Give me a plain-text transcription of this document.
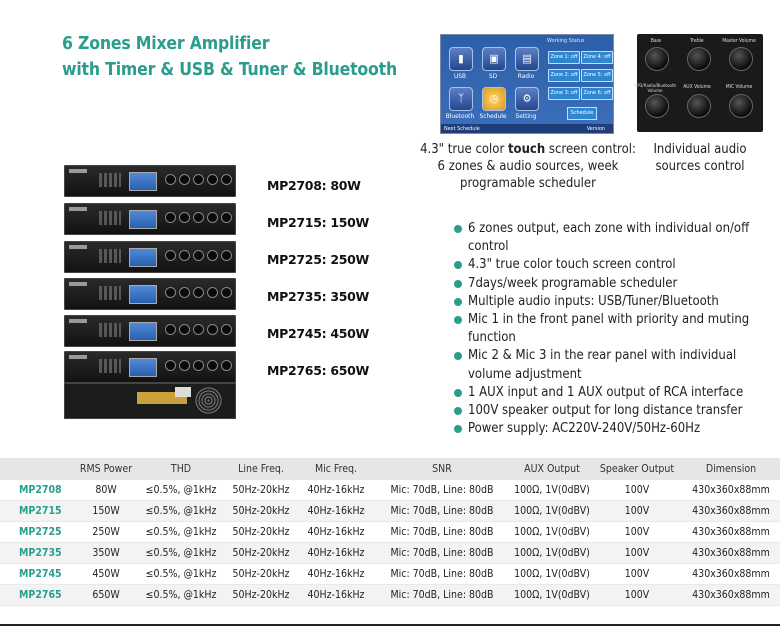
6 Zones Mixer Amplifier
with Timer & USB & Tuner & Bluetooth
Working Status
▮
USB
▣
SD
▤
Radio
ᛉ
Bluetooth
◷
Schedule
⚙
Setting
Zone 1: off	Zone 4: off
Zone 2: off	Zone 5: off
Zone 3: off	Zone 6: off
Schedule
Next Schedule	Version
Bass	Treble	Master Volume
MP3/Radio/Bluetooth Volume
AUX Volume	MIC Volume
4.3" true color touch screen control: 6 zones & audio sources, week programable scheduler
Individual audio sources control
MP2708: 80W
MP2715: 150W
MP2725: 250W
MP2735: 350W
MP2745: 450W
MP2765: 650W
6 zones output, each zone with individual on/off control
4.3" true color touch screen control
7days/week programable scheduler
Multiple audio inputs: USB/Tuner/Bluetooth
Mic 1 in the front panel with priority and muting function
Mic 2 & Mic 3 in the rear panel with individual volume adjustment
1 AUX input and 1 AUX output of RCA interface
100V speaker output for long distance transfer
Power supply: AC220V-240V/50Hz-60Hz
	RMS Power	THD	Line Freq.	Mic Freq.	SNR	AUX Output	Speaker Output	Dimension
MP2708	80W	≤0.5%, @1kHz	50Hz-20kHz	40Hz-16kHz	Mic: 70dB, Line: 80dB	100Ω, 1V(0dBV)	100V	430x360x88mm
MP2715	150W	≤0.5%, @1kHz	50Hz-20kHz	40Hz-16kHz	Mic: 70dB, Line: 80dB	100Ω, 1V(0dBV)	100V	430x360x88mm
MP2725	250W	≤0.5%, @1kHz	50Hz-20kHz	40Hz-16kHz	Mic: 70dB, Line: 80dB	100Ω, 1V(0dBV)	100V	430x360x88mm
MP2735	350W	≤0.5%, @1kHz	50Hz-20kHz	40Hz-16kHz	Mic: 70dB, Line: 80dB	100Ω, 1V(0dBV)	100V	430x360x88mm
MP2745	450W	≤0.5%, @1kHz	50Hz-20kHz	40Hz-16kHz	Mic: 70dB, Line: 80dB	100Ω, 1V(0dBV)	100V	430x360x88mm
MP2765	650W	≤0.5%, @1kHz	50Hz-20kHz	40Hz-16kHz	Mic: 70dB, Line: 80dB	100Ω, 1V(0dBV)	100V	430x360x88mm
